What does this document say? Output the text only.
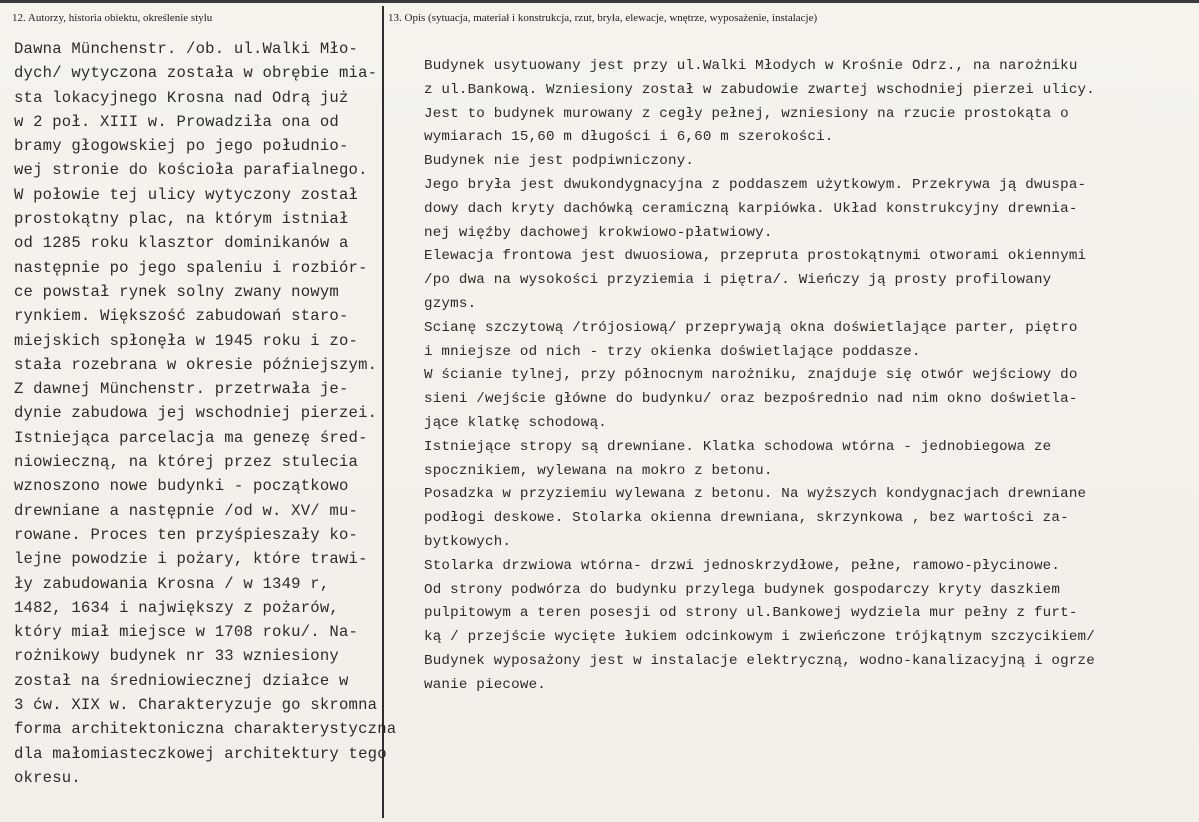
12. Autorzy, historia obiektu, określenie stylu	13. Opis (sytuacja, materiał i konstrukcja, rzut, bryła, elewacje, wnętrze, wyposażenie, instalacje)
Dawna Münchenstr. /ob. ul.Walki Mło-
dych/ wytyczona została w obrębie mia-
sta lokacyjnego Krosna nad Odrą już
w 2 poł. XIII w. Prowadziła ona od
bramy głogowskiej po jego południo-
wej stronie do kościoła parafialnego.
W połowie tej ulicy wytyczony został
prostokątny plac, na którym istniał
od 1285 roku klasztor dominikanów a
następnie po jego spaleniu i rozbiór-
ce powstał rynek solny zwany nowym
rynkiem. Większość zabudowań staro-
miejskich spłonęła w 1945 roku i zo-
stała rozebrana w okresie późniejszym.
Z dawnej Münchenstr. przetrwała je-
dynie zabudowa jej wschodniej pierzei.
Istniejąca parcelacja ma genezę śred-
niowieczną, na której przez stulecia
wznoszono nowe budynki - początkowo
drewniane a następnie /od w. XV/ mu-
rowane. Proces ten przyśpieszały ko-
lejne powodzie i pożary, które trawi-
ły zabudowania Krosna / w 1349 r,
1482, 1634 i największy z pożarów,
który miał miejsce w 1708 roku/. Na-
rożnikowy budynek nr 33 wzniesiony
został na średniowiecznej działce w
3 ćw. XIX w. Charakteryzuje go skromna
forma architektoniczna charakterystyczna
dla małomiasteczkowej architektury tego
okresu.
Budynek usytuowany jest przy ul.Walki Młodych w Krośnie Odrz., na narożniku
z ul.Bankową. Wzniesiony został w zabudowie zwartej wschodniej pierzei ulicy.
Jest to budynek murowany z cegły pełnej, wzniesiony na rzucie prostokąta o
wymiarach 15,60 m długości i 6,60 m szerokości.
Budynek nie jest podpiwniczony.
Jego bryła jest dwukondygnacyjna z poddaszem użytkowym. Przekrywa ją dwuspa-
dowy dach kryty dachówką ceramiczną karpiówka. Układ konstrukcyjny drewnia-
nej więźby dachowej krokwiowo-płatwiowy.
Elewacja frontowa jest dwuosiowa, przepruta prostokątnymi otworami okiennymi
/po dwa na wysokości przyziemia i piętra/. Wieńczy ją prosty profilowany
gzyms.
Scianę szczytową /trójosiową/ przeprywają okna doświetlające parter, piętro
i mniejsze od nich - trzy okienka doświetlające poddasze.
W ścianie tylnej, przy północnym narożniku, znajduje się otwór wejściowy do
sieni /wejście główne do budynku/ oraz bezpośrednio nad nim okno doświetla-
jące klatkę schodową.
Istniejące stropy są drewniane. Klatka schodowa wtórna - jednobiegowa ze
spocznikiem, wylewana na mokro z betonu.
Posadzka w przyziemiu wylewana z betonu. Na wyższych kondygnacjach drewniane
podłogi deskowe. Stolarka okienna drewniana, skrzynkowa , bez wartości za-
bytkowych.
Stolarka drzwiowa wtórna- drzwi jednoskrzydłowe, pełne, ramowo-płycinowe.
Od strony podwórza do budynku przylega budynek gospodarczy kryty daszkiem
pulpitowym a teren posesji od strony ul.Bankowej wydziela mur pełny z furt-
ką / przejście wycięte łukiem odcinkowym i zwieńczone trójkątnym szczycikiem/
Budynek wyposażony jest w instalacje elektryczną, wodno-kanalizacyjną i ogrze
wanie piecowe.
